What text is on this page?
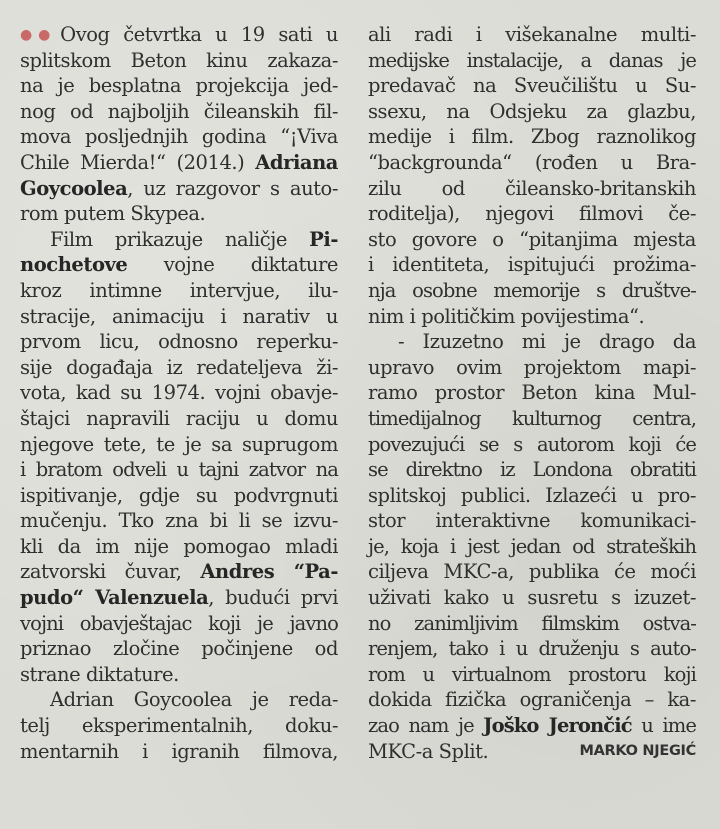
●● Ovog četvrtka u 19 sati u
splitskom Beton kinu zakaza-
na je besplatna projekcija jed-
nog od najboljih čileanskih fil-
mova posljednjih godina “¡Viva
Chile Mierda!“ (2014.) Adriana
Goycoolea, uz razgovor s auto-
rom putem Skypea.
Film prikazuje naličje Pi-
nochetove vojne diktature
kroz intimne intervjue, ilu-
stracije, animaciju i narativ u
prvom licu, odnosno reperku-
sije događaja iz redateljeva ži-
vota, kad su 1974. vojni obavje-
štajci napravili raciju u domu
njegove tete, te je sa suprugom
i bratom odveli u tajni zatvor na
ispitivanje, gdje su podvrgnuti
mučenju. Tko zna bi li se izvu-
kli da im nije pomogao mladi
zatvorski čuvar, Andres “Pa-
pudo“ Valenzuela, budući prvi
vojni obavještajac koji je javno
priznao zločine počinjene od
strane diktature.
Adrian Goycoolea je reda-
telj eksperimentalnih, doku-
mentarnih i igranih filmova,
ali radi i višekanalne multi-
medijske instalacije, a danas je
predavač na Sveučilištu u Su-
ssexu, na Odsjeku za glazbu,
medije i film. Zbog raznolikog
“backgrounda“ (rođen u Bra-
zilu od čileansko-britanskih
roditelja), njegovi filmovi če-
sto govore o “pitanjima mjesta
i identiteta, ispitujući prožima-
nja osobne memorije s društve-
nim i političkim povijestima“.
- Izuzetno mi je drago da
upravo ovim projektom mapi-
ramo prostor Beton kina Mul-
timedijalnog kulturnog centra,
povezujući se s autorom koji će
se direktno iz Londona obratiti
splitskoj publici. Izlazeći u pro-
stor interaktivne komunikaci-
je, koja i jest jedan od strateških
ciljeva MKC-a, publika će moći
uživati kako u susretu s izuzet-
no zanimljivim filmskim ostva-
renjem, tako i u druženju s auto-
rom u virtualnom prostoru koji
dokida fizička ograničenja – ka-
zao nam je Joško Jerončić u ime
MKC-a Split.	MARKO NJEGIĆ
